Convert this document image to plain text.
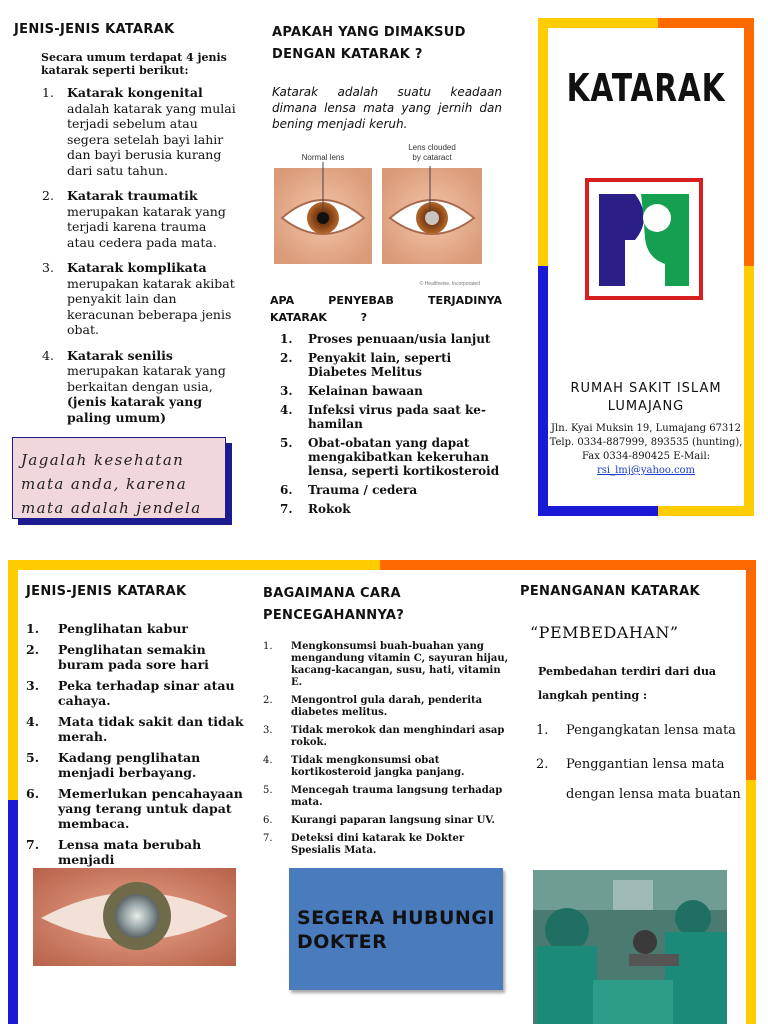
JENIS-JENIS KATARAK

Secara umum terdapat 4 jenis katarak seperti berikut:

1. Katarak kongenital
adalah katarak yang mulai terjadi sebelum atau segera setelah bayi lahir dan bayi berusia kurang dari satu tahun.
2. Katarak traumatik
merupakan katarak yang terjadi karena trauma atau cedera pada mata.
3. Katarak komplikata
merupakan katarak akibat penyakit lain dan keracunan beberapa jenis obat.
4. Katarak senilis
merupakan katarak yang berkaitan dengan usia,
(jenis katarak yang paling umum)

Jagalah kesehatan mata anda, karena mata adalah jendela

APAKAH YANG DIMAKSUD DENGAN KATARAK ?

Katarak adalah suatu keadaan dimana lensa mata yang jernih dan bening menjadi keruh.

Normal lens
Lens clouded
by cataract
© Healthwise, Incorporated

APA PENYEBAB TERJADINYA KATARAK ?

1. Proses penuaan/usia lanjut
2. Penyakit lain, seperti Diabetes Melitus
3. Kelainan bawaan
4. Infeksi virus pada saat ke-hamilan
5. Obat-obatan yang dapat mengakibatkan kekeruhan lensa, seperti kortikosteroid
6. Trauma / cedera
7. Rokok
KATARAK
RUMAH SAKIT ISLAM
LUMAJANG
Jln. Kyai Muksin 19, Lumajang 67312
Telp. 0334-887999, 893535 (hunting),
Fax 0334-890425 E-Mail:
rsi_lmj@yahoo.com
JENIS-JENIS KATARAK
1. Penglihatan kabur
2. Penglihatan semakin buram pada sore hari
3. Peka terhadap sinar atau cahaya.
4. Mata tidak sakit dan tidak merah.
5. Kadang penglihatan menjadi berbayang.
6. Memerlukan pencahayaan yang terang untuk dapat membaca.
7. Lensa mata berubah menjadi
BAGAIMANA CARA PENCEGAHANNYA?
1. Mengkonsumsi buah-buahan yang mengandung vitamin C, sayuran hijau, kacang-kacangan, susu, hati, vitamin E.
2. Mengontrol gula darah, penderita diabetes melitus.
3. Tidak merokok dan menghindari asap rokok.
4. Tidak mengkonsumsi obat kortikosteroid jangka panjang.
5. Mencegah trauma langsung terhadap mata.
6. Kurangi paparan langsung sinar UV.
7. Deteksi dini katarak ke Dokter Spesialis Mata.

SEGERA HUBUNGI DOKTER

PENANGANAN KATARAK

“PEMBEDAHAN”

Pembedahan terdiri dari dua langkah penting :

1. Pengangkatan lensa mata
2. Penggantian lensa mata dengan lensa mata buatan
